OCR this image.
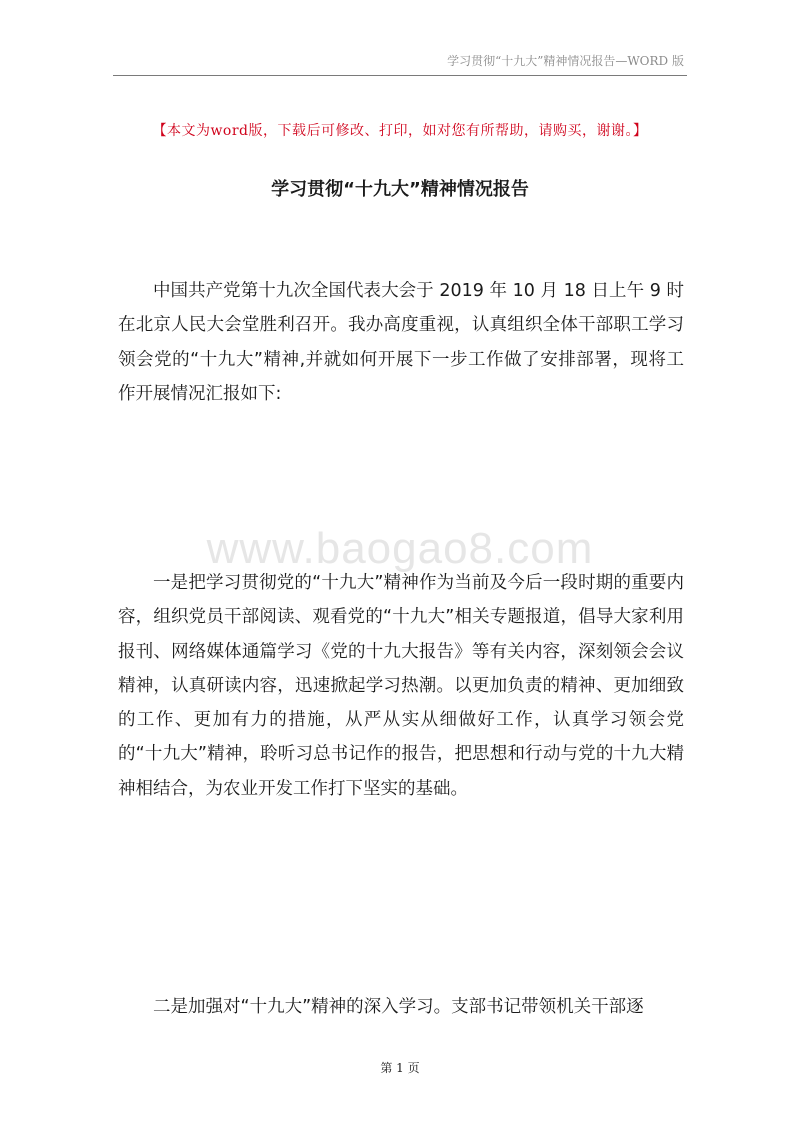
学习贯彻“十九大”精神情况报告—WORD 版
【本文为word版，下载后可修改、打印，如对您有所帮助，请购买，谢谢。】
学习贯彻“十九大”精神情况报告

中国共产党第十九次全国代表大会于 2019 年 10 月 18 日上午 9 时在北京人民大会堂胜利召开。我办高度重视，认真组织全体干部职工学习领会党的“十九大”精神,并就如何开展下一步工作做了安排部署，现将工作开展情况汇报如下:

www.baogao8.com

一是把学习贯彻党的“十九大”精神作为当前及今后一段时期的重要内容，组织党员干部阅读、观看党的“十九大”相关专题报道，倡导大家利用报刊、网络媒体通篇学习《党的十九大报告》等有关内容，深刻领会会议精神，认真研读内容，迅速掀起学习热潮。以更加负责的精神、更加细致的工作、更加有力的措施，从严从实从细做好工作，认真学习领会党的“十九大”精神，聆听习总书记作的报告，把思想和行动与党的十九大精神相结合，为农业开发工作打下坚实的基础。

二是加强对“十九大”精神的深入学习。支部书记带领机关干部逐

第 1 页
